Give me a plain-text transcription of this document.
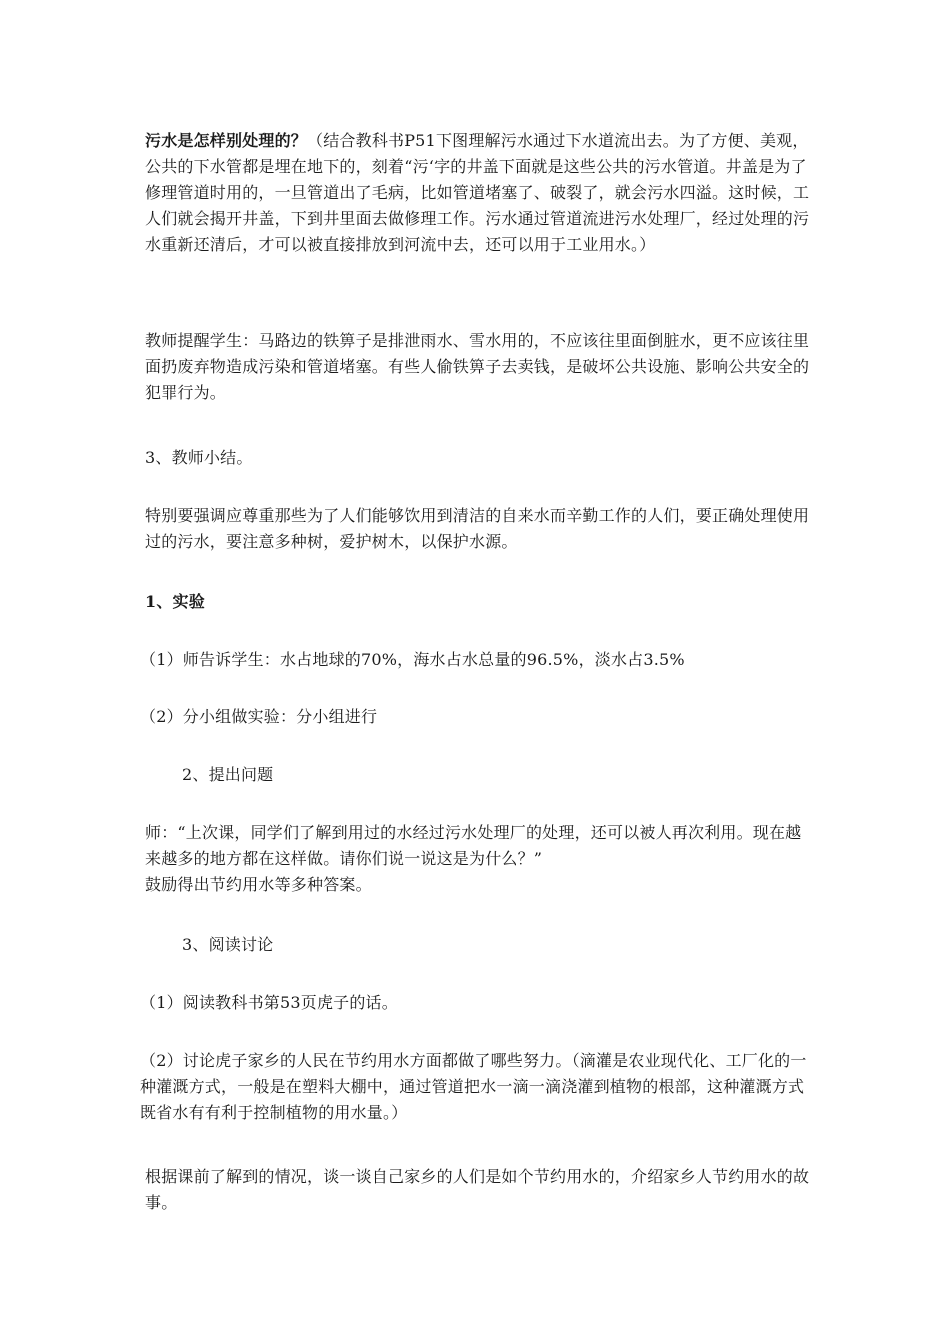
污水是怎样别处理的？（结合教科书P51下图理解污水通过下水道流出去。为了方便、美观，公共的下水管都是埋在地下的，刻着“污‘字的井盖下面就是这些公共的污水管道。井盖是为了修理管道时用的，一旦管道出了毛病，比如管道堵塞了、破裂了，就会污水四溢。这时候，工人们就会揭开井盖，下到井里面去做修理工作。污水通过管道流进污水处理厂，经过处理的污水重新还清后，才可以被直接排放到河流中去，还可以用于工业用水。）

教师提醒学生：马路边的铁箅子是排泄雨水、雪水用的，不应该往里面倒脏水，更不应该往里面扔废弃物造成污染和管道堵塞。有些人偷铁箅子去卖钱，是破坏公共设施、影响公共安全的犯罪行为。

3、教师小结。

特别要强调应尊重那些为了人们能够饮用到清洁的自来水而辛勤工作的人们，要正确处理使用过的污水，要注意多种树，爱护树木，以保护水源。

1、实验

（1）师告诉学生：水占地球的70%，海水占水总量的96.5%，淡水占3.5%

（2）分小组做实验：分小组进行

2、提出问题

师：“上次课，同学们了解到用过的水经过污水处理厂的处理，还可以被人再次利用。现在越来越多的地方都在这样做。请你们说一说这是为什么？”

鼓励得出节约用水等多种答案。

3、阅读讨论

（1）阅读教科书第53页虎子的话。

（2）讨论虎子家乡的人民在节约用水方面都做了哪些努力。（滴灌是农业现代化、工厂化的一种灌溉方式，一般是在塑料大棚中，通过管道把水一滴一滴浇灌到植物的根部，这种灌溉方式既省水有有利于控制植物的用水量。）

根据课前了解到的情况，谈一谈自己家乡的人们是如个节约用水的，介绍家乡人节约用水的故事。
